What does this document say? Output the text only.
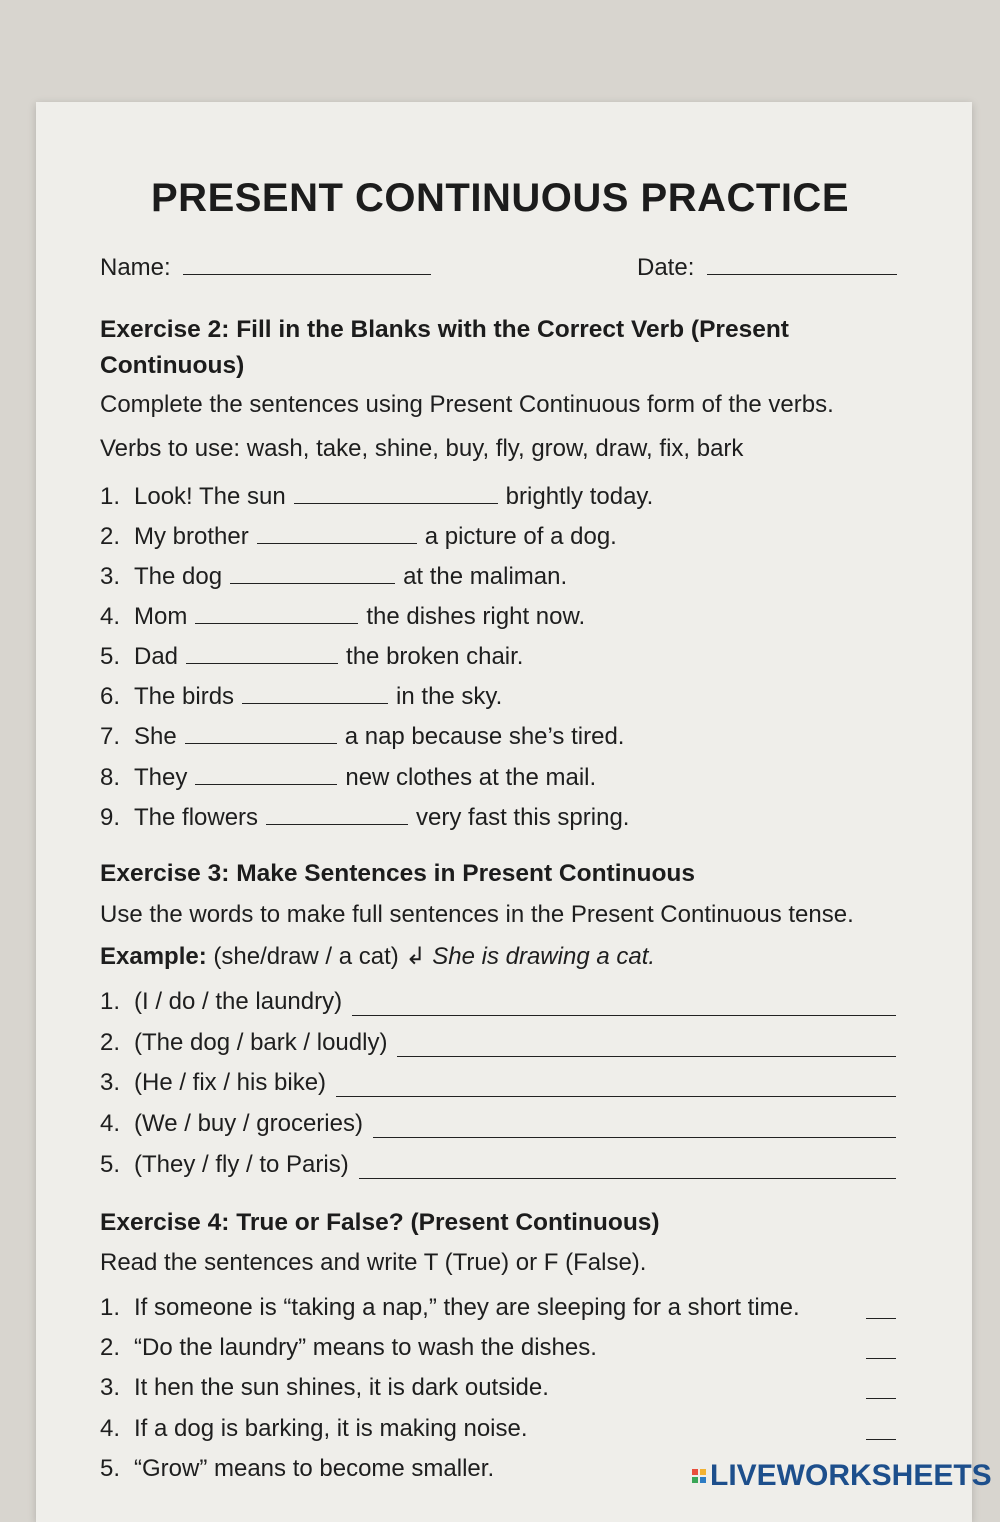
PRESENT CONTINUOUS PRACTICE
Name:	Date:
Exercise 2: Fill in the Blanks with the Correct Verb (Present
Continuous)
Complete the sentences using Present Continuous form of the verbs.
Verbs to use: wash, take, shine, buy, fly, grow, draw, fix, bark
1. Look! The sun	brightly today.
2. My brother	a picture of a dog.
3. The dog	at the maliman.
4. Mom	the dishes right now.
5. Dad	the broken chair.
6. The birds	in the sky.
7. She	a nap because she’s tired.
8. They	new clothes at the mail.
9. The flowers	very fast this spring.
Exercise 3: Make Sentences in Present Continuous
Use the words to make full sentences in the Present Continuous tense.
Example: (she/draw / a cat) ↲ She is drawing a cat.
1. (I / do / the laundry)
2. (The dog / bark / loudly)
3. (He / fix / his bike)
4. (We / buy / groceries)
5. (They / fly / to Paris)
Exercise 4: True or False? (Present Continuous)
Read the sentences and write T (True) or F (False).
1. If someone is “taking a nap,” they are sleeping for a short time.
2. “Do the laundry” means to wash the dishes.
3. It hen the sun shines, it is dark outside.
4. If a dog is barking, it is making noise.
5. “Grow” means to become smaller.	LIVEWORKSHEETS
